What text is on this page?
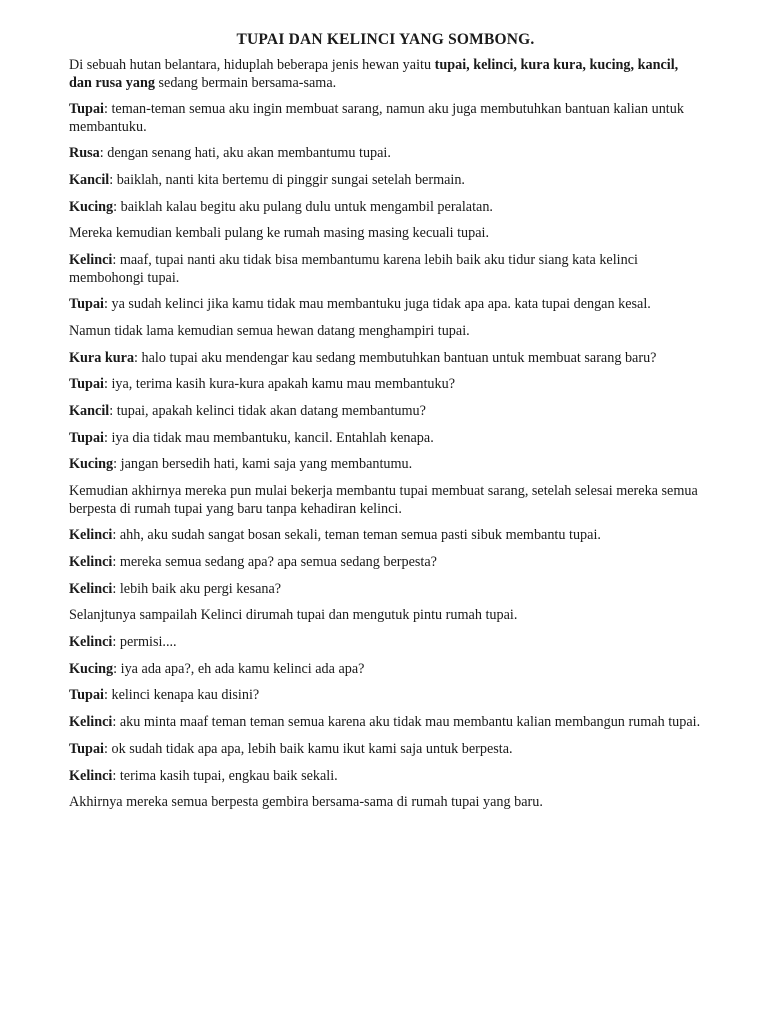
TUPAI DAN KELINCI YANG SOMBONG.
Di sebuah hutan belantara, hiduplah beberapa jenis hewan yaitu tupai, kelinci, kura kura, kucing, kancil, dan rusa yang sedang bermain bersama-sama.
Tupai: teman-teman semua aku ingin membuat sarang, namun aku juga membutuhkan bantuan kalian untuk membantuku.
Rusa: dengan senang hati, aku akan membantumu tupai.
Kancil: baiklah, nanti kita bertemu di pinggir sungai setelah bermain.
Kucing: baiklah kalau begitu aku pulang dulu untuk mengambil peralatan.
Mereka kemudian kembali pulang ke rumah masing masing kecuali tupai.
Kelinci: maaf, tupai nanti aku tidak bisa membantumu karena lebih baik aku tidur siang kata kelinci membohongi tupai.
Tupai: ya sudah kelinci jika kamu tidak mau membantuku juga tidak apa apa. kata tupai dengan kesal.
Namun tidak lama kemudian semua hewan datang menghampiri tupai.
Kura kura: halo tupai aku mendengar kau sedang membutuhkan bantuan untuk membuat sarang baru?
Tupai: iya, terima kasih kura-kura apakah kamu mau membantuku?
Kancil: tupai, apakah kelinci tidak akan datang membantumu?
Tupai: iya dia tidak mau membantuku, kancil. Entahlah kenapa.
Kucing: jangan bersedih hati, kami saja yang membantumu.
Kemudian akhirnya mereka pun mulai bekerja membantu tupai membuat sarang, setelah selesai mereka semua berpesta di rumah tupai yang baru tanpa kehadiran kelinci.
Kelinci: ahh, aku sudah sangat bosan sekali, teman teman semua pasti sibuk membantu tupai.
Kelinci: mereka semua sedang apa? apa semua sedang berpesta?
Kelinci: lebih baik aku pergi kesana?
Selanjtunya sampailah Kelinci dirumah tupai dan mengutuk pintu rumah tupai.
Kelinci: permisi....
Kucing: iya ada apa?, eh ada kamu kelinci ada apa?
Tupai: kelinci kenapa kau disini?
Kelinci: aku minta maaf teman teman semua karena aku tidak mau membantu kalian membangun rumah tupai.
Tupai: ok sudah tidak apa apa, lebih baik kamu ikut kami saja untuk berpesta.
Kelinci: terima kasih tupai, engkau baik sekali.
Akhirnya mereka semua berpesta gembira bersama-sama di rumah tupai yang baru.
